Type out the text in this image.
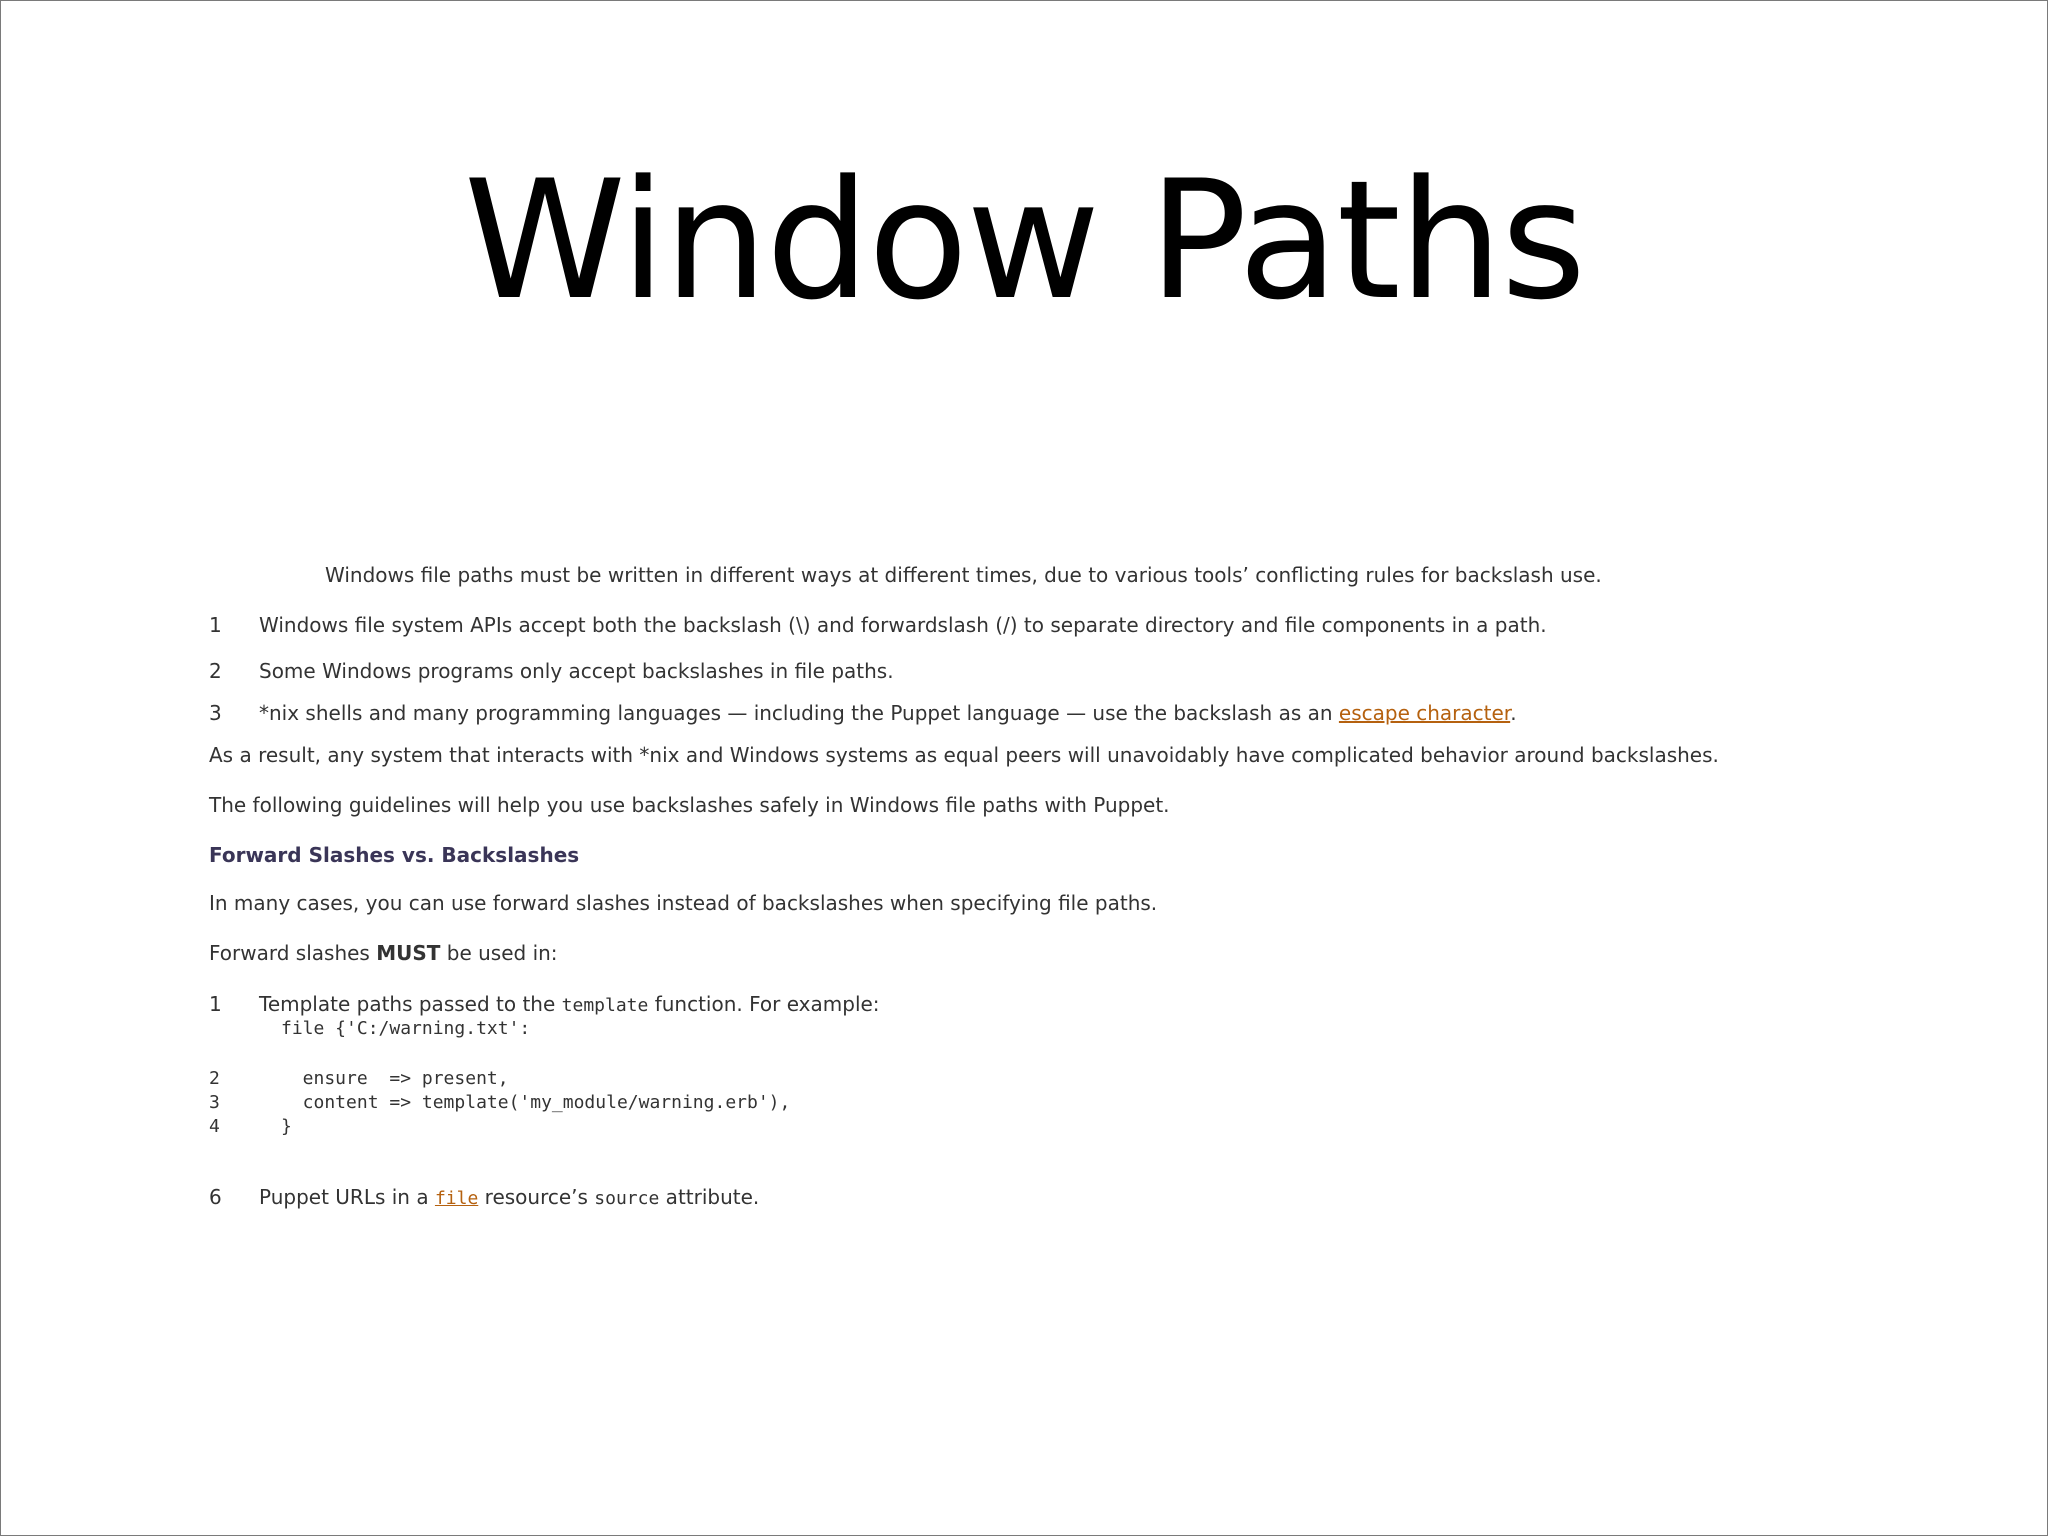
Window Paths
Windows file paths must be written in different ways at different times, due to various tools’ conflicting rules for backslash use.
1 Windows file system APIs accept both the backslash (\) and forwardslash (/) to separate directory and file components in a path.
2 Some Windows programs only accept backslashes in file paths.
3 *nix shells and many programming languages — including the Puppet language — use the backslash as an escape character.
As a result, any system that interacts with *nix and Windows systems as equal peers will unavoidably have complicated behavior around backslashes.
The following guidelines will help you use backslashes safely in Windows file paths with Puppet.
Forward Slashes vs. Backslashes
In many cases, you can use forward slashes instead of backslashes when specifying file paths.
Forward slashes MUST be used in:
1 Template paths passed to the template function. For example:
file {'C:/warning.txt':
2	ensure  => present,
3	content => template('my_module/warning.erb'),
4	}
6 Puppet URLs in a file resource’s source attribute.
